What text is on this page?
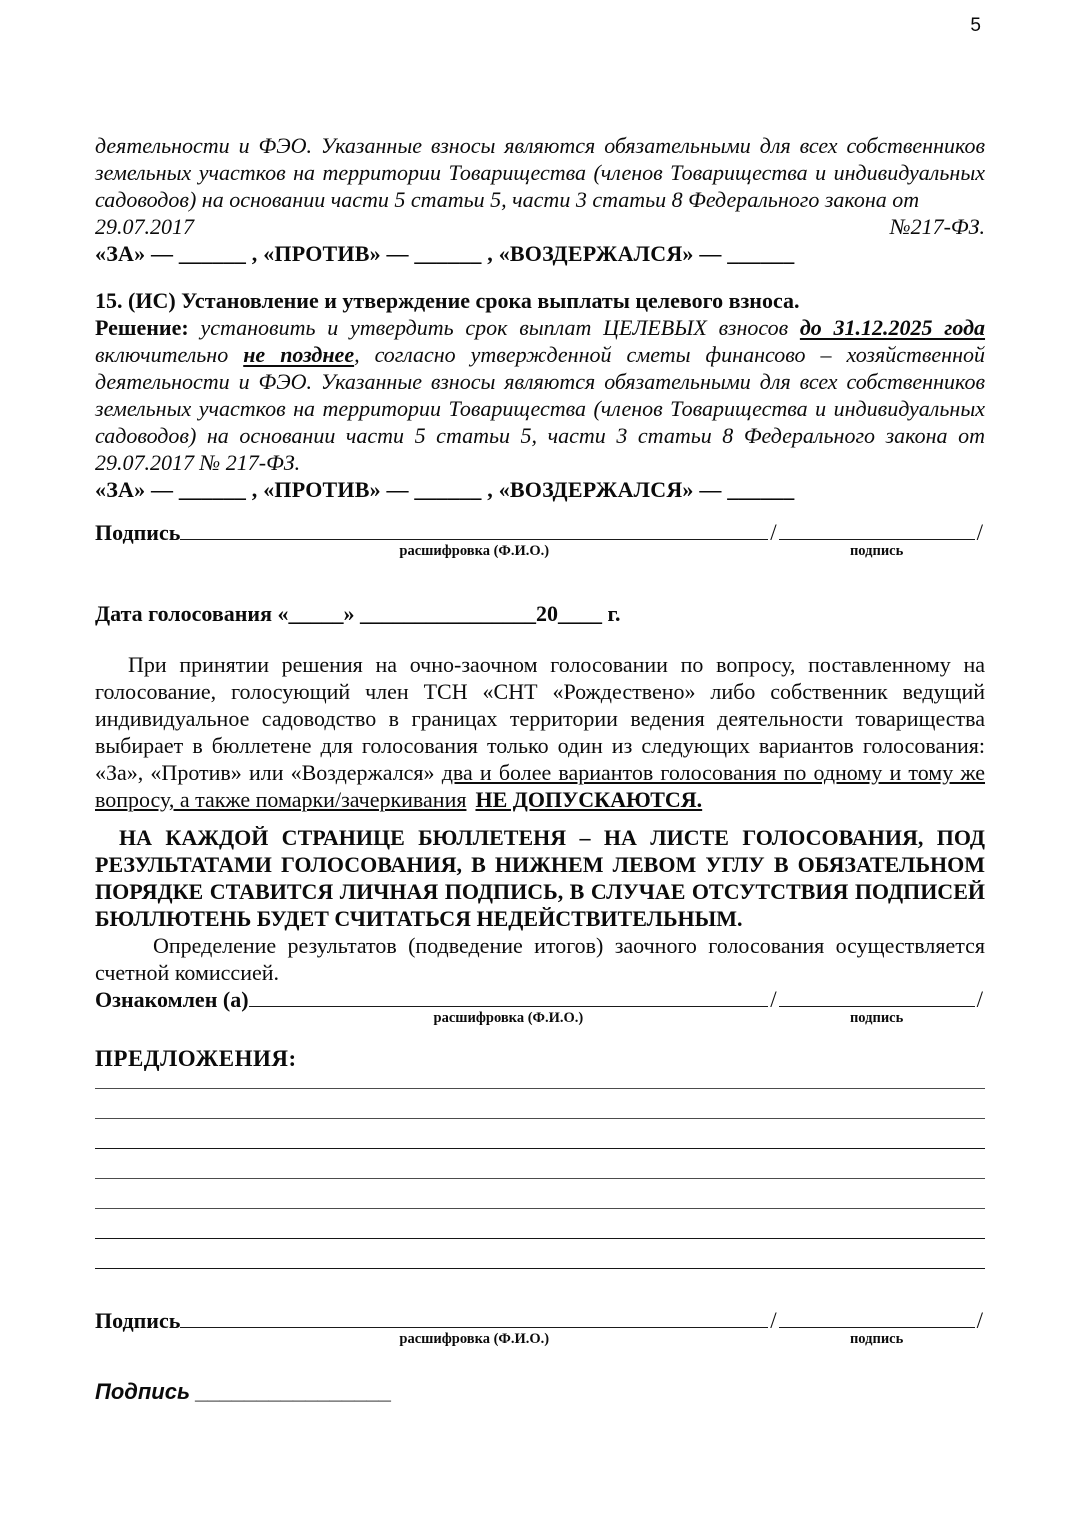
5

деятельности и ФЭО. Указанные взносы являются обязательными для всех собственников земельных участков на территории Товарищества (членов Товарищества и индивидуальных садоводов) на основании части 5 статьи 5, части 3 статьи 8 Федерального закона от

29.07.2017	№217-ФЗ.
«ЗА» — ______ , «ПРОТИВ» — ______ , «ВОЗДЕРЖАЛСЯ» — ______
15. (ИС) Установление и утверждение срока выплаты целевого взноса.

Решение: установить и утвердить срок выплат ЦЕЛЕВЫХ взносов до 31.12.2025 года включительно не позднее, согласно утвержденной сметы финансово – хозяйственной деятельности и ФЭО. Указанные взносы являются обязательными для всех собственников земельных участков на территории Товарищества (членов Товарищества и индивидуальных садоводов) на основании части 5 статьи 5, части 3 статьи 8 Федерального закона от 29.07.2017 № 217-ФЗ.

«ЗА» — ______ , «ПРОТИВ» — ______ , «ВОЗДЕРЖАЛСЯ» — ______
Подпись
расшифровка (Ф.И.О.)
/
подпись
/
Дата голосования «_____» ________________20____ г.

При принятии решения на очно-заочном голосовании по вопросу, поставленному на голосование, голосующий член ТСН «СНТ «Рождествено» либо собственник ведущий индивидуальное садоводство в границах территории ведения деятельности товарищества выбирает в бюллетене для голосования только один из следующих вариантов голосования: «За», «Против» или «Воздержался» два и более вариантов голосования по одному и тому же вопросу, а также помарки/зачеркивания НЕ ДОПУСКАЮТСЯ.

НА КАЖДОЙ СТРАНИЦЕ БЮЛЛЕТЕНЯ – НА ЛИСТЕ ГОЛОСОВАНИЯ, ПОД РЕЗУЛЬТАТАМИ ГОЛОСОВАНИЯ, В НИЖНЕМ ЛЕВОМ УГЛУ В ОБЯЗАТЕЛЬНОМ ПОРЯДКЕ СТАВИТСЯ ЛИЧНАЯ ПОДПИСЬ, В СЛУЧАЕ ОТСУТСТВИЯ ПОДПИСЕЙ БЮЛЛЮТЕНЬ БУДЕТ СЧИТАТЬСЯ НЕДЕЙСТВИТЕЛЬНЫМ.

Определение результатов (подведение итогов) заочного голосования осуществляется счетной комиссией.

Ознакомлен (а)
расшифровка (Ф.И.О.)
/
подпись
/
ПРЕДЛОЖЕНИЯ:
Подпись
расшифровка (Ф.И.О.)
/
подпись
/
Подпись ________________
